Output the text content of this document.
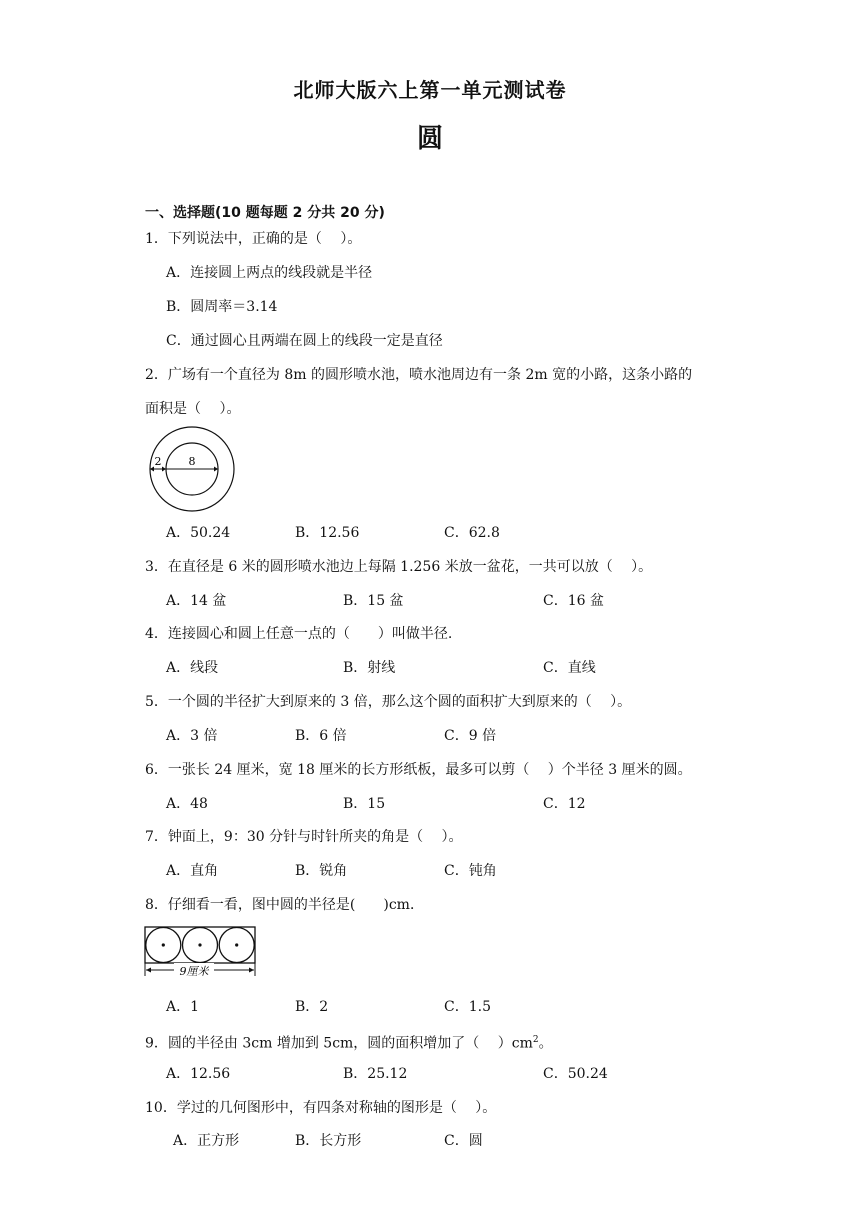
北师大版六上第一单元测试卷
圆
一、选择题(10 题每题 2 分共 20 分)
1．下列说法中，正确的是（　 ）。
A．连接圆上两点的线段就是半径
B．圆周率＝3.14
C．通过圆心且两端在圆上的线段一定是直径
2．广场有一个直径为 8m 的圆形喷水池，喷水池周边有一条 2m 宽的小路，这条小路的
面积是（　 ）。
2 8
A．50.24	B．12.56	C．62.8
3．在直径是 6 米的圆形喷水池边上每隔 1.256 米放一盆花，一共可以放（　 ）。
A．14 盆	B．15 盆	C．16 盆
4．连接圆心和圆上任意一点的（　　）叫做半径.
A．线段	B．射线	C．直线
5．一个圆的半径扩大到原来的 3 倍，那么这个圆的面积扩大到原来的（　 ）。
A．3 倍	B．6 倍	C．9 倍
6．一张长 24 厘米，宽 18 厘米的长方形纸板，最多可以剪（　 ）个半径 3 厘米的圆。
A．48	B．15	C．12
7．钟面上，9：30 分针与时针所夹的角是（　 ）。
A．直角	B．锐角	C．钝角
8．仔细看一看，图中圆的半径是(　　)cm．
9厘米
A．1	B．2	C．1.5
9．圆的半径由 3cm 增加到 5cm，圆的面积增加了（　 ）$cm^2$。
A．12.56	B．25.12	C．50.24
10．学过的几何图形中，有四条对称轴的图形是（　 ）。
A．正方形	B．长方形	C．圆
